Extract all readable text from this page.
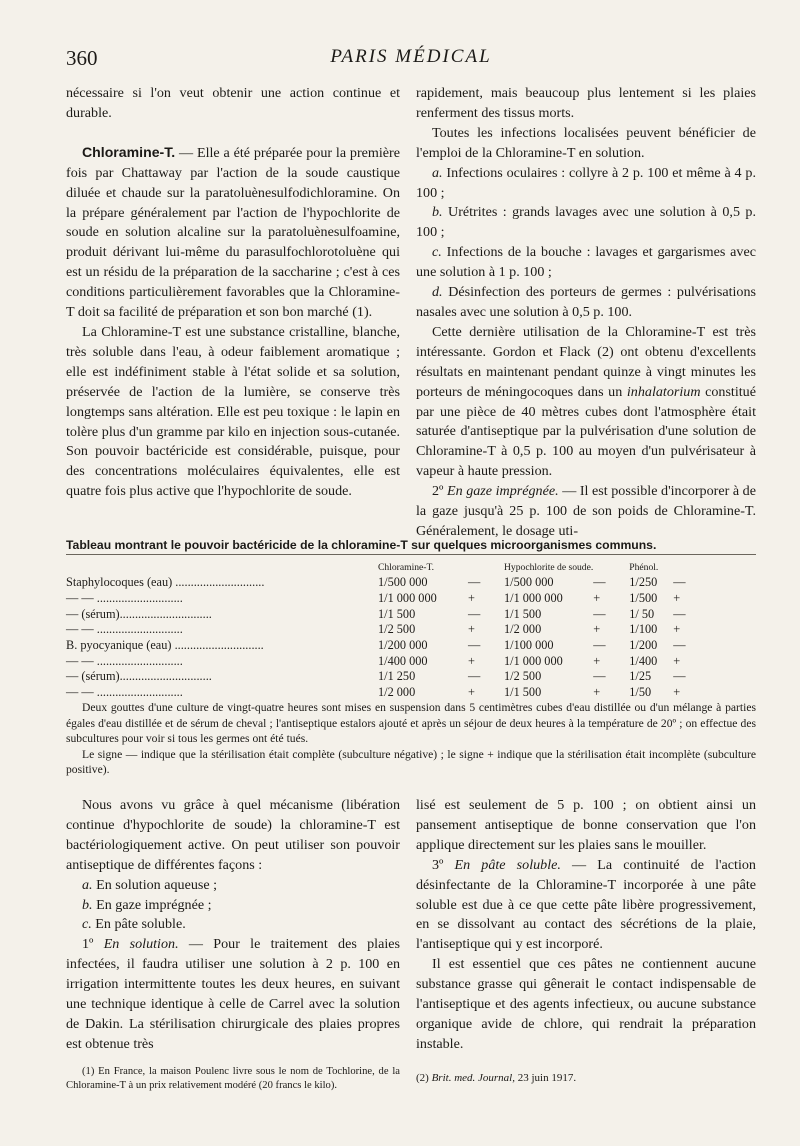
360	PARIS MÉDICAL

nécessaire si l'on veut obtenir une action continue et durable.

Chloramine-T. — Elle a été préparée pour la première fois par Chattaway par l'action de la soude caustique diluée et chaude sur la paratoluènesulfodichloramine. On la prépare généralement par l'action de l'hypochlorite de soude en solution alcaline sur la paratoluènesulfoamine, produit dérivant lui-même du parasulfochlorotoluène qui est un résidu de la préparation de la saccharine ; c'est à ces conditions particulièrement favorables que la Chloramine-T doit sa facilité de préparation et son bon marché (1).

La Chloramine-T est une substance cristalline, blanche, très soluble dans l'eau, à odeur faiblement aromatique ; elle est indéfiniment stable à l'état solide et sa solution, préservée de l'action de la lumière, se conserve très longtemps sans altération. Elle est peu toxique : le lapin en tolère plus d'un gramme par kilo en injection sous-cutanée. Son pouvoir bactéricide est considérable, puisque, pour des concentrations moléculaires équivalentes, elle est quatre fois plus active que l'hypochlorite de soude.

rapidement, mais beaucoup plus lentement si les plaies renferment des tissus morts.

Toutes les infections localisées peuvent bénéficier de l'emploi de la Chloramine-T en solution.

a. Infections oculaires : collyre à 2 p. 100 et même à 4 p. 100 ;

b. Urétrites : grands lavages avec une solution à 0,5 p. 100 ;

c. Infections de la bouche : lavages et gargarismes avec une solution à 1 p. 100 ;

d. Désinfection des porteurs de germes : pulvérisations nasales avec une solution à 0,5 p. 100.

Cette dernière utilisation de la Chloramine-T est très intéressante. Gordon et Flack (2) ont obtenu d'excellents résultats en maintenant pendant quinze à vingt minutes les porteurs de méningocoques dans un inhalatorium constitué par une pièce de 40 mètres cubes dont l'atmosphère était saturée d'antiseptique par la pulvérisation d'une solution de Chloramine-T à 0,5 p. 100 au moyen d'un pulvérisateur à vapeur à haute pression.

2º En gaze imprégnée. — Il est possible d'incorporer à de la gaze jusqu'à 25 p. 100 de son poids de Chloramine-T. Généralement, le dosage uti-

Tableau montrant le pouvoir bactéricide de la chloramine-T sur quelques microorganismes communs.
	Chloramine-T.		Hypochlorite de soude.		Phénol.	
Staphylocoques (eau) .............................	1/500 000	—	1/500 000	—	1/250	—
— — ............................	1/1 000 000	+	1/1 000 000	+	1/500	+
— (sérum)..............................	1/1 500	—	1/1 500	—	1/ 50	—
— — ............................	1/2 500	+	1/2 000	+	1/100	+
B. pyocyanique (eau) .............................	1/200 000	—	1/100 000	—	1/200	—
— — ............................	1/400 000	+	1/1 000 000	+	1/400	+
— (sérum)..............................	1/1 250	—	1/2 500	—	1/25	—
— — ............................	1/2 000	+	1/1 500	+	1/50	+

Deux gouttes d'une culture de vingt-quatre heures sont mises en suspension dans 5 centimètres cubes d'eau distillée ou d'un mélange à parties égales d'eau distillée et de sérum de cheval ; l'antiseptique estalors ajouté et après un séjour de deux heures à la température de 20º ; on effectue des subcultures pour voir si tous les germes ont été tués.

Le signe — indique que la stérilisation était complète (subculture négative) ; le signe + indique que la stérilisation était incomplète (subculture positive).

Nous avons vu grâce à quel mécanisme (libération continue d'hypochlorite de soude) la chloramine-T est bactériologiquement active. On peut utiliser son pouvoir antiseptique de différentes façons :

a. En solution aqueuse ;

b. En gaze imprégnée ;

c. En pâte soluble.

1º En solution. — Pour le traitement des plaies infectées, il faudra utiliser une solution à 2 p. 100 en irrigation intermittente toutes les deux heures, en suivant une technique identique à celle de Carrel avec la solution de Dakin. La stérilisation chirurgicale des plaies propres est obtenue très

(1) En France, la maison Poulenc livre sous le nom de Tochlorine, de la Chloramine-T à un prix relativement modéré (20 francs le kilo).

lisé est seulement de 5 p. 100 ; on obtient ainsi un pansement antiseptique de bonne conservation que l'on applique directement sur les plaies sans le mouiller.

3º En pâte soluble. — La continuité de l'action désinfectante de la Chloramine-T incorporée à une pâte soluble est due à ce que cette pâte libère progressivement, en se dissolvant au contact des sécrétions de la plaie, l'antiseptique qui y est incorporé.

Il est essentiel que ces pâtes ne contiennent aucune substance grasse qui gênerait le contact indispensable de l'antiseptique et des agents infectieux, ou aucune substance organique avide de chlore, qui rendrait la préparation instable.

(2) Brit. med. Journal, 23 juin 1917.
